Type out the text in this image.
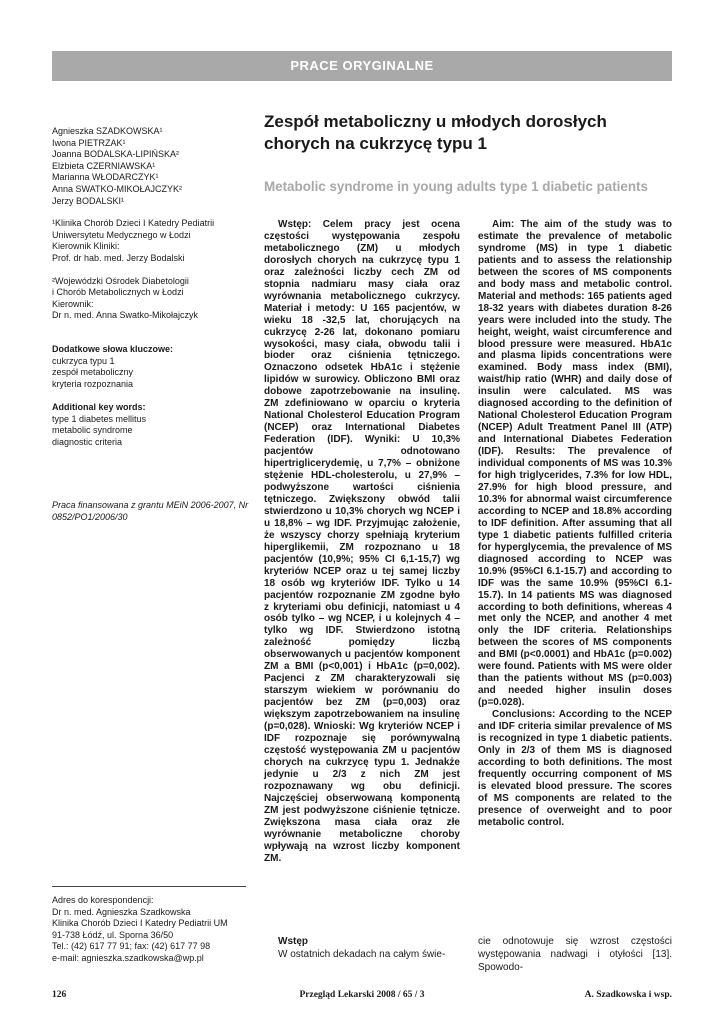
PRACE ORYGINALNE

Agnieszka SZADKOWSKA¹

Iwona PIETRZAK¹

Joanna BODALSKA-LIPIŃSKA²

Elżbieta CZERNIAWSKA¹

Marianna WŁODARCZYK¹

Anna SWATKO-MIKOŁAJCZYK²

Jerzy BODALSKI¹

¹Klinika Chorób Dzieci I Katedry Pediatrii

Uniwersytetu Medycznego w Łodzi

Kierownik Kliniki:

Prof. dr hab. med. Jerzy Bodalski

²Wojewódzki Ośrodek Diabetologii

i Chorób Metabolicznych w Łodzi

Kierownik:

Dr n. med. Anna Swatko-Mikołajczyk

Dodatkowe słowa kluczowe:

cukrzyca typu 1

zespół metaboliczny

kryteria rozpoznania

Additional key words:

type 1 diabetes mellitus

metabolic syndrome

diagnostic criteria

Praca finansowana z grantu MEiN 2006-2007, Nr 0852/PO1/2006/30

Adres do korespondencji:

Dr n. med. Agnieszka Szadkowska

Klinika Chorób Dzieci I Katedry Pediatrii UM

91-738 Łódź, ul. Sporna 36/50

Tel.: (42) 617 77 91; fax: (42) 617 77 98

e-mail: agnieszka.szadkowska@wp.pl

Zespół metaboliczny u młodych dorosłych chorych na cukrzycę typu 1
Metabolic syndrome in young adults type 1 diabetic patients

Wstęp: Celem pracy jest ocena częstości występowania zespołu metabolicznego (ZM) u młodych dorosłych chorych na cukrzycę typu 1 oraz zależności liczby cech ZM od stopnia nadmiaru masy ciała oraz wyrównania metabolicznego cukrzycy. Materiał i metody: U 165 pacjentów, w wieku 18 -32,5 lat, chorujących na cukrzycę 2-26 lat, dokonano pomiaru wysokości, masy ciała, obwodu talii i bioder oraz ciśnienia tętniczego. Oznaczono odsetek HbA1c i stężenie lipidów w surowicy. Obliczono BMI oraz dobowe zapotrzebowanie na insulinę. ZM zdefiniowano w oparciu o kryteria National Cholesterol Education Program (NCEP) oraz International Diabetes Federation (IDF). Wyniki: U 10,3% pacjentów odnotowano hipertriglicerydemię, u 7,7% – obniżone stężenie HDL-cholesterolu, u 27,9% – podwyższone wartości ciśnienia tętniczego. Zwiększony obwód talii stwierdzono u 10,3% chorych wg NCEP i u 18,8% – wg IDF. Przyjmując założenie, że wszyscy chorzy spełniają kryterium hiperglikemii, ZM rozpoznano u 18 pacjentów (10,9%; 95% CI 6,1-15,7) wg kryteriów NCEP oraz u tej samej liczby 18 osób wg kryteriów IDF. Tylko u 14 pacjentów rozpoznanie ZM zgodne było z kryteriami obu definicji, natomiast u 4 osób tylko – wg NCEP, i u kolejnych 4 – tylko wg IDF. Stwierdzono istotną zależność pomiędzy liczbą obserwowanych u pacjentów komponent ZM a BMI (p<0,001) i HbA1c (p=0,002). Pacjenci z ZM charakteryzowali się starszym wiekiem w porównaniu do pacjentów bez ZM (p=0,003) oraz większym zapotrzebowaniem na insulinę (p=0,028). Wnioski: Wg kryteriów NCEP i IDF rozpoznaje się porównywalną częstość występowania ZM u pacjentów chorych na cukrzycę typu 1. Jednakże jedynie u 2/3 z nich ZM jest rozpoznawany wg obu definicji. Najczęściej obserwowaną komponentą ZM jest podwyższone ciśnienie tętnicze. Zwiększona masa ciała oraz złe wyrównanie metaboliczne choroby wpływają na wzrost liczby komponent ZM.

Aim: The aim of the study was to estimate the prevalence of metabolic syndrome (MS) in type 1 diabetic patients and to assess the relationship between the scores of MS components and body mass and metabolic control. Material and methods: 165 patients aged 18-32 years with diabetes duration 8-26 years were included into the study. The height, weight, waist circumference and blood pressure were measured. HbA1c and plasma lipids concentrations were examined. Body mass index (BMI), waist/hip ratio (WHR) and daily dose of insulin were calculated. MS was diagnosed according to the definition of National Cholesterol Education Program (NCEP) Adult Treatment Panel III (ATP) and International Diabetes Federation (IDF). Results: The prevalence of individual components of MS was 10.3% for high triglycerides, 7.3% for low HDL, 27.9% for high blood pressure, and 10.3% for abnormal waist circumference according to NCEP and 18.8% according to IDF definition. After assuming that all type 1 diabetic patients fulfilled criteria for hyperglycemia, the prevalence of MS diagnosed according to NCEP was 10.9% (95%CI 6.1-15.7) and according to IDF was the same 10.9% (95%CI 6.1-15.7). In 14 patients MS was diagnosed according to both definitions, whereas 4 met only the NCEP, and another 4 met only the IDF criteria. Relationships between the scores of MS components and BMI (p<0.0001) and HbA1c (p=0.002) were found. Patients with MS were older than the patients without MS (p=0.003) and needed higher insulin doses (p=0.028).

Conclusions: According to the NCEP and IDF criteria similar prevalence of MS is recognized in type 1 diabetic patients. Only in 2/3 of them MS is diagnosed according to both definitions. The most frequently occurring component of MS is elevated blood pressure. The scores of MS components are related to the presence of overweight and to poor metabolic control.

Wstęp
W ostatnich dekadach na całym świe-
cie odnotowuje się wzrost częstości występowania nadwagi i otyłości [13]. Spowodo-
126	Przegląd Lekarski 2008 / 65 / 3	A. Szadkowska i wsp.
